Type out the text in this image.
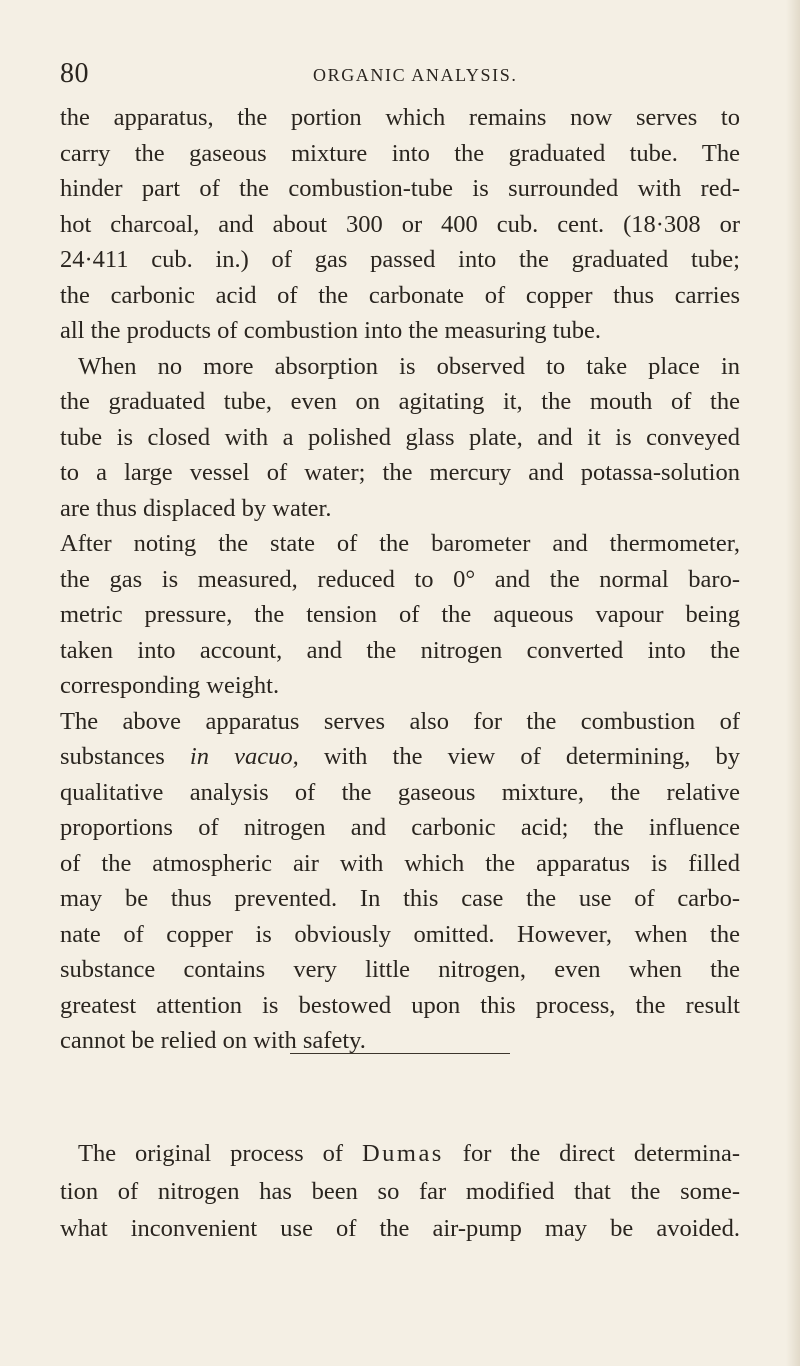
80	ORGANIC ANALYSIS.
the apparatus, the portion which remains now serves to
carry the gaseous mixture into the graduated tube. The
hinder part of the combustion-tube is surrounded with red-
hot charcoal, and about 300 or 400 cub. cent. (18·308 or
24·411 cub. in.) of gas passed into the graduated tube;
the carbonic acid of the carbonate of copper thus carries
all the products of combustion into the measuring tube.
When no more absorption is observed to take place in
the graduated tube, even on agitating it, the mouth of the
tube is closed with a polished glass plate, and it is conveyed
to a large vessel of water; the mercury and potassa-solution
are thus displaced by water.
After noting the state of the barometer and thermometer,
the gas is measured, reduced to 0° and the normal baro-
metric pressure, the tension of the aqueous vapour being
taken into account, and the nitrogen converted into the
corresponding weight.
The above apparatus serves also for the combustion of
substances in vacuo, with the view of determining, by
qualitative analysis of the gaseous mixture, the relative
proportions of nitrogen and carbonic acid; the influence
of the atmospheric air with which the apparatus is filled
may be thus prevented. In this case the use of carbo-
nate of copper is obviously omitted. However, when the
substance contains very little nitrogen, even when the
greatest attention is bestowed upon this process, the result
cannot be relied on with safety.
The original process of Dumas for the direct determina-
tion of nitrogen has been so far modified that the some-
what inconvenient use of the air-pump may be avoided.
